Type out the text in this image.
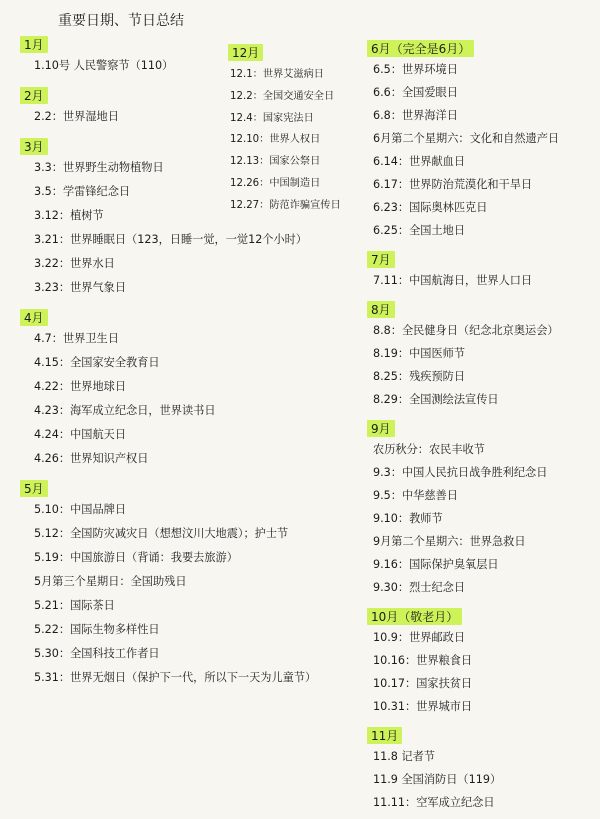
重要日期、节日总结
1月
1.10号 人民警察节（110）
2月
2.2：世界湿地日
3月
3.3：世界野生动物植物日
3.5：学雷锋纪念日
3.12：植树节
3.21：世界睡眠日（123，日睡一觉，一觉12个小时）
3.22：世界水日
3.23：世界气象日
4月
4.7：世界卫生日
4.15：全国家安全教育日
4.22：世界地球日
4.23：海军成立纪念日，世界读书日
4.24：中国航天日
4.26：世界知识产权日
5月
5.10：中国品牌日
5.12：全国防灾减灾日（想想汶川大地震）；护士节
5.19：中国旅游日（背诵：我要去旅游）
5月第三个星期日：全国助残日
5.21：国际茶日
5.22：国际生物多样性日
5.30：全国科技工作者日
5.31：世界无烟日（保护下一代，所以下一天为儿童节）
12月
12.1：世界艾滋病日
12.2：全国交通安全日
12.4：国家宪法日
12.10：世界人权日
12.13：国家公祭日
12.26：中国制造日
12.27：防范诈骗宣传日
6月（完全是6月）
6.5：世界环境日
6.6：全国爱眼日
6.8：世界海洋日
6月第二个星期六：文化和自然遗产日
6.14：世界献血日
6.17：世界防治荒漠化和干旱日
6.23：国际奥林匹克日
6.25：全国土地日
7月
7.11：中国航海日，世界人口日
8月
8.8：全民健身日（纪念北京奥运会）
8.19：中国医师节
8.25：残疾预防日
8.29：全国测绘法宣传日
9月
农历秋分：农民丰收节
9.3：中国人民抗日战争胜利纪念日
9.5：中华慈善日
9.10：教师节
9月第二个星期六：世界急救日
9.16：国际保护臭氧层日
9.30：烈士纪念日
10月（敬老月）
10.9：世界邮政日
10.16：世界粮食日
10.17：国家扶贫日
10.31：世界城市日
11月
11.8 记者节
11.9 全国消防日（119）
11.11：空军成立纪念日
